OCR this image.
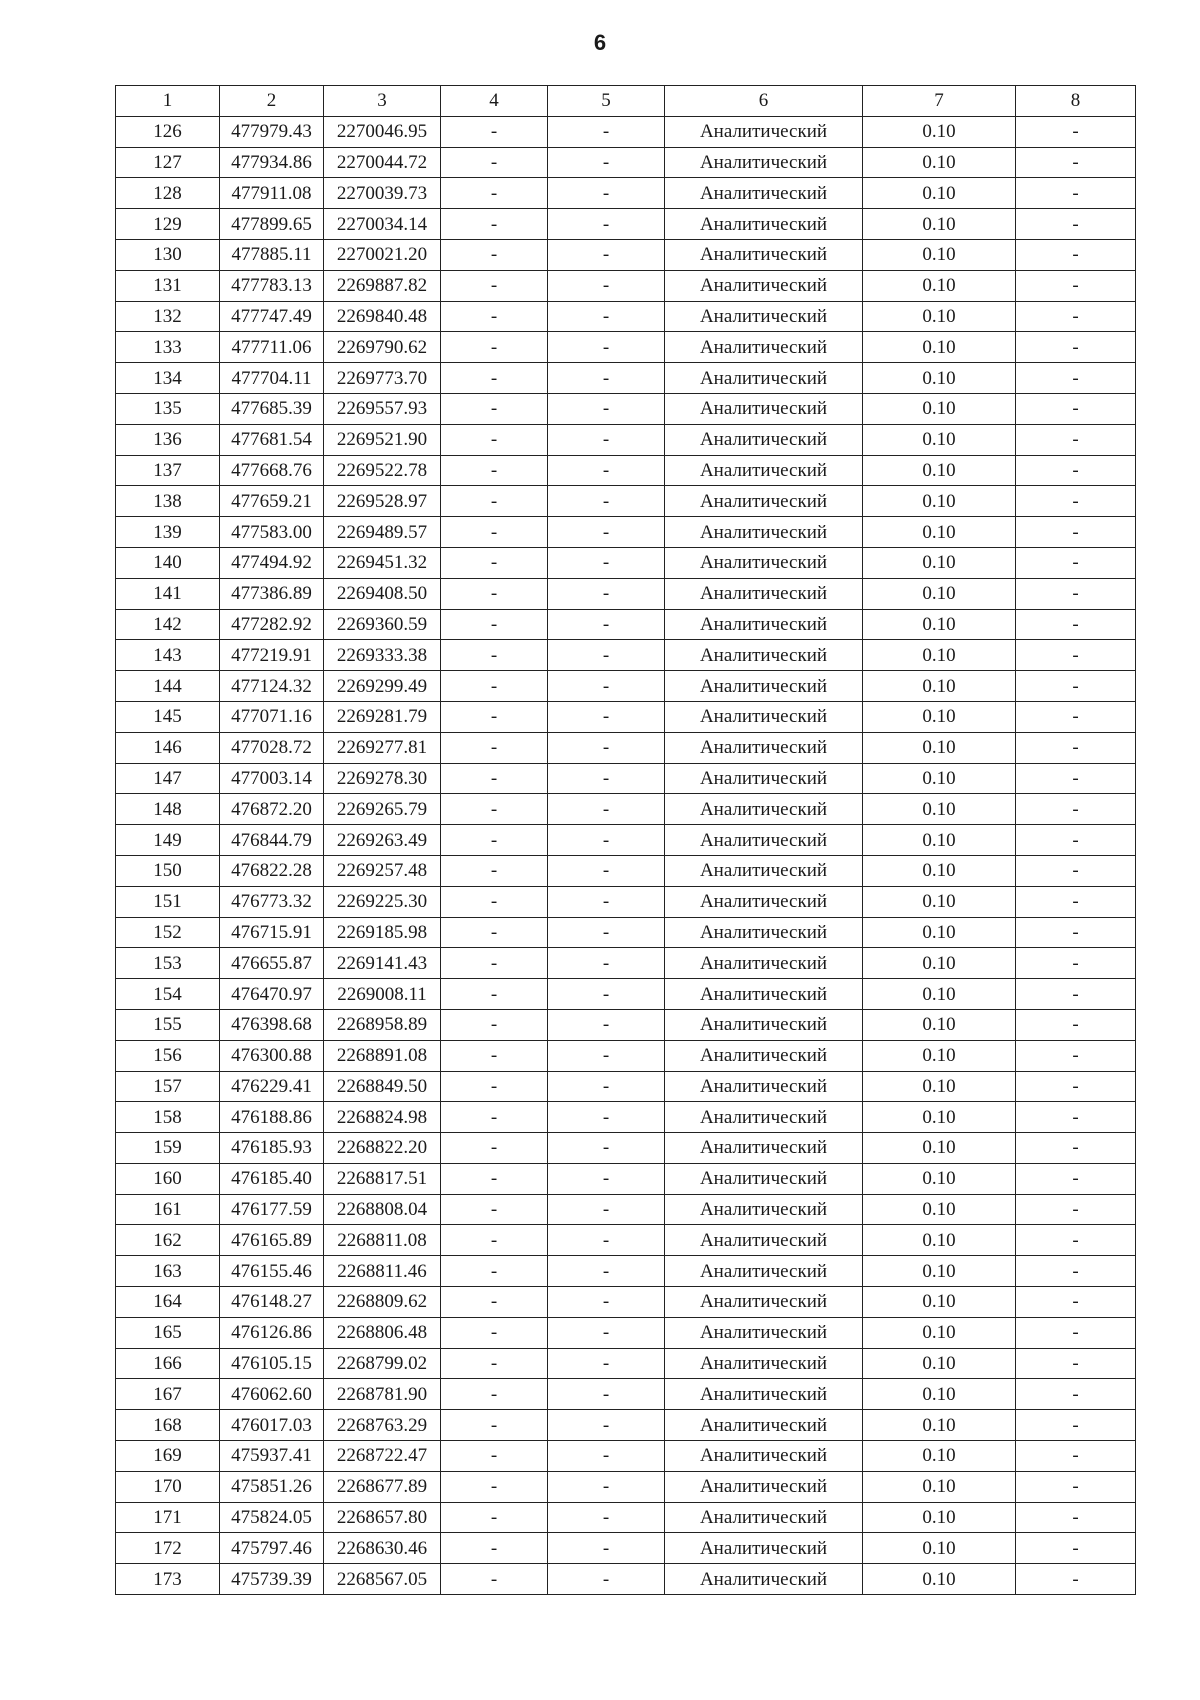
6
1	2	3	4	5	6	7	8
126	477979.43	2270046.95	-	-	Аналитический	0.10	-
127	477934.86	2270044.72	-	-	Аналитический	0.10	-
128	477911.08	2270039.73	-	-	Аналитический	0.10	-
129	477899.65	2270034.14	-	-	Аналитический	0.10	-
130	477885.11	2270021.20	-	-	Аналитический	0.10	-
131	477783.13	2269887.82	-	-	Аналитический	0.10	-
132	477747.49	2269840.48	-	-	Аналитический	0.10	-
133	477711.06	2269790.62	-	-	Аналитический	0.10	-
134	477704.11	2269773.70	-	-	Аналитический	0.10	-
135	477685.39	2269557.93	-	-	Аналитический	0.10	-
136	477681.54	2269521.90	-	-	Аналитический	0.10	-
137	477668.76	2269522.78	-	-	Аналитический	0.10	-
138	477659.21	2269528.97	-	-	Аналитический	0.10	-
139	477583.00	2269489.57	-	-	Аналитический	0.10	-
140	477494.92	2269451.32	-	-	Аналитический	0.10	-
141	477386.89	2269408.50	-	-	Аналитический	0.10	-
142	477282.92	2269360.59	-	-	Аналитический	0.10	-
143	477219.91	2269333.38	-	-	Аналитический	0.10	-
144	477124.32	2269299.49	-	-	Аналитический	0.10	-
145	477071.16	2269281.79	-	-	Аналитический	0.10	-
146	477028.72	2269277.81	-	-	Аналитический	0.10	-
147	477003.14	2269278.30	-	-	Аналитический	0.10	-
148	476872.20	2269265.79	-	-	Аналитический	0.10	-
149	476844.79	2269263.49	-	-	Аналитический	0.10	-
150	476822.28	2269257.48	-	-	Аналитический	0.10	-
151	476773.32	2269225.30	-	-	Аналитический	0.10	-
152	476715.91	2269185.98	-	-	Аналитический	0.10	-
153	476655.87	2269141.43	-	-	Аналитический	0.10	-
154	476470.97	2269008.11	-	-	Аналитический	0.10	-
155	476398.68	2268958.89	-	-	Аналитический	0.10	-
156	476300.88	2268891.08	-	-	Аналитический	0.10	-
157	476229.41	2268849.50	-	-	Аналитический	0.10	-
158	476188.86	2268824.98	-	-	Аналитический	0.10	-
159	476185.93	2268822.20	-	-	Аналитический	0.10	-
160	476185.40	2268817.51	-	-	Аналитический	0.10	-
161	476177.59	2268808.04	-	-	Аналитический	0.10	-
162	476165.89	2268811.08	-	-	Аналитический	0.10	-
163	476155.46	2268811.46	-	-	Аналитический	0.10	-
164	476148.27	2268809.62	-	-	Аналитический	0.10	-
165	476126.86	2268806.48	-	-	Аналитический	0.10	-
166	476105.15	2268799.02	-	-	Аналитический	0.10	-
167	476062.60	2268781.90	-	-	Аналитический	0.10	-
168	476017.03	2268763.29	-	-	Аналитический	0.10	-
169	475937.41	2268722.47	-	-	Аналитический	0.10	-
170	475851.26	2268677.89	-	-	Аналитический	0.10	-
171	475824.05	2268657.80	-	-	Аналитический	0.10	-
172	475797.46	2268630.46	-	-	Аналитический	0.10	-
173	475739.39	2268567.05	-	-	Аналитический	0.10	-
